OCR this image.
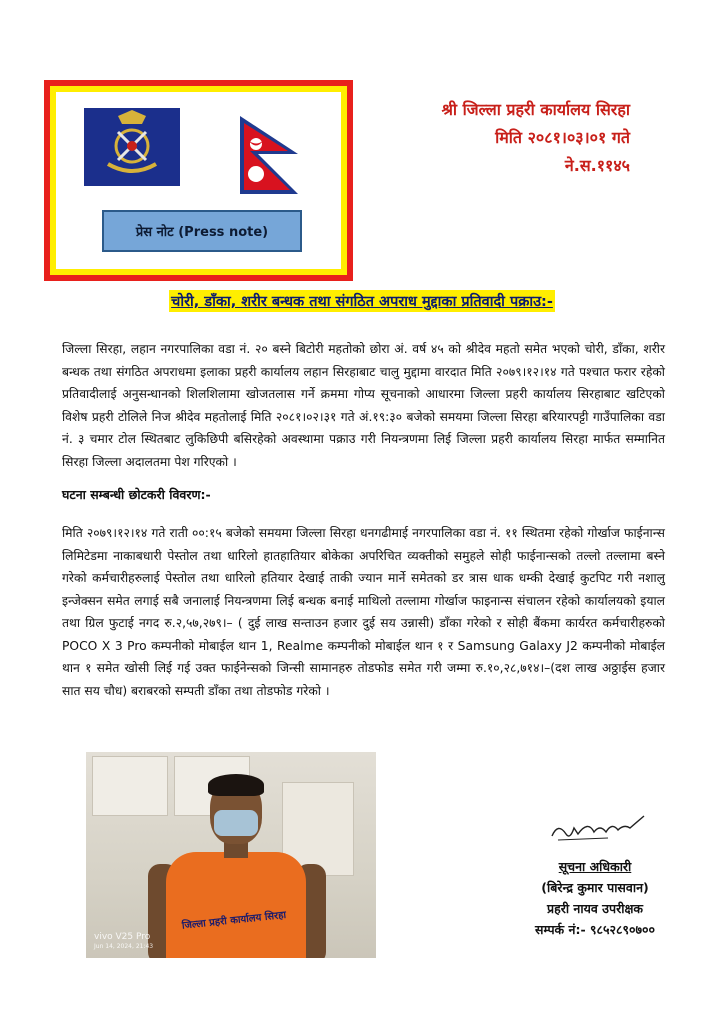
प्रेस नोट (Press note)
श्री जिल्ला प्रहरी कार्यालय सिरहा
मिति २०८१।०३।०१ गते
ने.स.११४५
चोरी, डाँका, शरीर बन्धक तथा संगठित अपराध मुद्दाका प्रतिवादी पक्राउ:-
जिल्ला सिरहा, लहान नगरपालिका वडा नं. २० बस्ने बिटोरी महतोको छोरा अं. वर्ष ४५ को श्रीदेव महतो समेत भएको चोरी, डाँका, शरीर बन्धक तथा संगठित अपराधमा इलाका प्रहरी कार्यालय लहान सिरहाबाट चालु मुद्दामा वारदात मिति २०७९।१२।१४ गते पश्चात फरार रहेको प्रतिवादीलाई अनुसन्धानको शिलशिलामा खोजतलास गर्ने क्रममा गोप्य सूचनाको आधारमा जिल्ला प्रहरी कार्यालय सिरहाबाट खटिएको विशेष प्रहरी टोलिले निज श्रीदेव महतोलाई मिति २०८१।०२।३१ गते अं.१९:३० बजेको समयमा जिल्ला सिरहा बरियारपट्टी गाउँपालिका वडा नं. ३ चमार टोल स्थितबाट लुकिछिपी बसिरहेको अवस्थामा पक्राउ गरी नियन्त्रणमा लिई जिल्ला प्रहरी कार्यालय सिरहा मार्फत सम्मानित सिरहा जिल्ला अदालतमा पेश गरिएको ।
घटना सम्बन्धी छोटकरी विवरण:-
मिति २०७९।१२।१४ गते राती ००:१५ बजेको समयमा जिल्ला सिरहा धनगढीमाई नगरपालिका वडा नं. ११ स्थितमा रहेको गोर्खाज फाईनान्स लिमिटेडमा नाकाबधारी पेस्तोल तथा धारिलो हातहातियार बोकेका अपरिचित व्यक्तीको समुहले सोही फाईनान्सको तल्लो तल्लामा बस्ने गरेको कर्मचारीहरुलाई पेस्तोल तथा धारिलो हतियार देखाई ताकी ज्यान मार्ने समेतको डर त्रास धाक धम्की देखाई कुटपिट गरी नशालु इन्जेक्सन समेत लगाई सबै जनालाई नियन्त्रणमा लिई बन्धक बनाई माथिलो तल्लामा गोर्खाज फाइनान्स संचालन रहेको कार्यालयको इयाल तथा ग्रिल फुटाई नगद रु.२,५७,२७९।– ( दुई लाख सन्ताउन हजार दुई सय उन्नासी) डाँका गरेको र सोही बैंकमा कार्यरत कर्मचारीहरुको POCO X 3 Pro कम्पनीको मोबाईल थान 1, Realme कम्पनीको मोबाईल थान १ र Samsung Galaxy J2 कम्पनीको मोबाईल थान १ समेत खोसी लिई गई उक्त फाईनेन्सको जिन्सी सामानहरु तोडफोड समेत गरी जम्मा रु.१०,२८,७१४।–(दश लाख अठ्ठाईस हजार सात सय चौध) बराबरको सम्पती डाँका तथा तोडफोड गरेको ।
जिल्ला प्रहरी कार्यालय सिरहा
vivo V25 Pro
Jun 14, 2024, 21:43
सूचना अधिकारी
(बिरेन्द्र कुमार पासवान)
प्रहरी नायव उपरीक्षक
सम्पर्क नं:- ९८५२८९०७००
